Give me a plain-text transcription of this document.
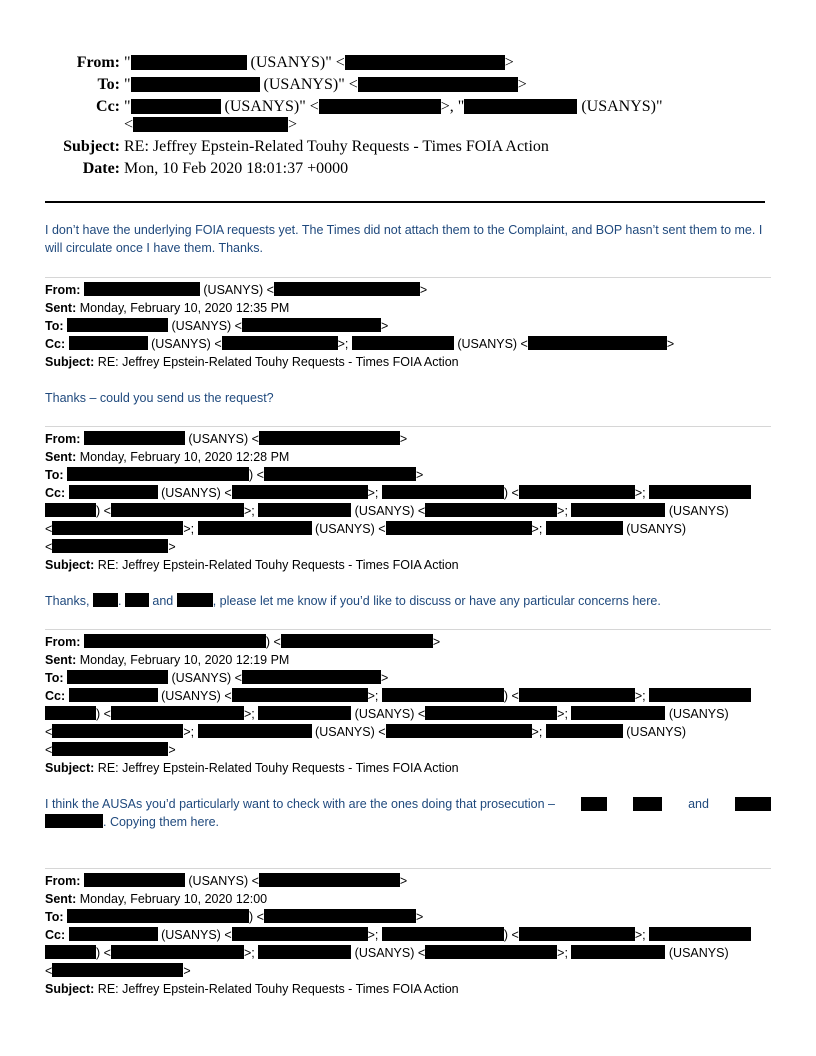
From: "	(USANYS)" <	>
To: "	(USANYS)" <	>
Cc: "	(USANYS)" <	>, "	(USANYS)"
<	>
Subject: RE: Jeffrey Epstein-Related Touhy Requests - Times FOIA Action
Date: Mon, 10 Feb 2020 18:01:37 +0000
I don’t have the underlying FOIA requests yet. The Times did not attach them to the Complaint, and BOP hasn’t sent them to me. I will circulate once I have them. Thanks.
From:	(USANYS) <	>
Sent: Monday, February 10, 2020 12:35 PM
To:	(USANYS) <	>
Cc:	(USANYS) <	>;	(USANYS) <	>
Subject: RE: Jeffrey Epstein-Related Touhy Requests - Times FOIA Action
Thanks – could you send us the request?
From:	(USANYS) <	>
Sent: Monday, February 10, 2020 12:28 PM
To:	) <	>
Cc:	(USANYS) <	>;	) <	>;
) <	>;	(USANYS) <	>;	(USANYS)
<	>;	(USANYS) <	>;	(USANYS)
<	>
Subject: RE: Jeffrey Epstein-Related Touhy Requests - Times FOIA Action
Thanks, .  and	, please let me know if you’d like to discuss or have any particular concerns here.
From:	) <	>
Sent: Monday, February 10, 2020 12:19 PM
To:	(USANYS) <	>
Cc:	(USANYS) <	>;	) <	>;
) <	>;	(USANYS) <	>;	(USANYS)
<	>;	(USANYS) <	>;	(USANYS)
<	>
Subject: RE: Jeffrey Epstein-Related Touhy Requests - Times FOIA Action
I think the AUSAs you’d particularly want to check with are the ones doing that prosecution –	and
. Copying them here.
From:	(USANYS) <	>
Sent: Monday, February 10, 2020 12:00
To:	) <	>
Cc:	(USANYS) <	>;	) <	>;
) <	>;	(USANYS) <	>;	(USANYS)
<	>
Subject: RE: Jeffrey Epstein-Related Touhy Requests - Times FOIA Action
